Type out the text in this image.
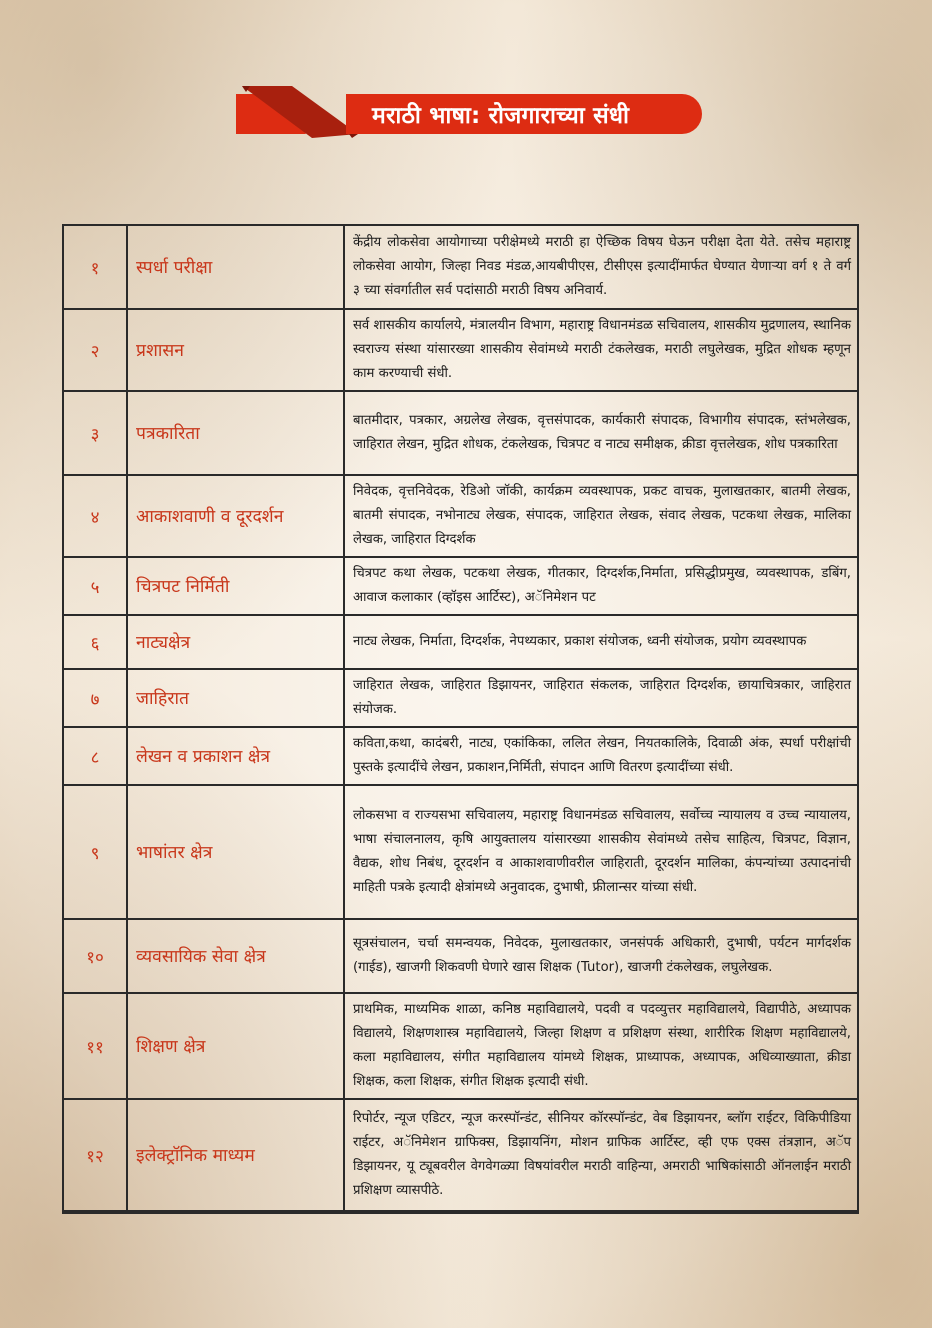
मराठी भाषा: रोजगाराच्या संधी
१	स्पर्धा परीक्षा	केंद्रीय लोकसेवा आयोगाच्या परीक्षेमध्ये मराठी हा ऐच्छिक विषय घेऊन परीक्षा देता येते. तसेच महाराष्ट्र लोकसेवा आयोग, जिल्हा निवड मंडळ,आयबीपीएस, टीसीएस इत्यादींमार्फत घेण्यात येणाऱ्या वर्ग १ ते वर्ग ३ च्या संवर्गातील सर्व पदांसाठी मराठी विषय अनिवार्य.
२	प्रशासन	सर्व शासकीय कार्यालये, मंत्रालयीन विभाग, महाराष्ट्र विधानमंडळ सचिवालय, शासकीय मुद्रणालय, स्थानिक स्वराज्य संस्था यांसारख्या शासकीय सेवांमध्ये मराठी टंकलेखक, मराठी लघुलेखक, मुद्रित शोधक म्हणून काम करण्याची संधी.
३	पत्रकारिता	बातमीदार, पत्रकार, अग्रलेख लेखक, वृत्तसंपादक, कार्यकारी संपादक, विभागीय संपादक, स्तंभलेखक, जाहिरात लेखन, मुद्रित शोधक, टंकलेखक, चित्रपट व नाट्य समीक्षक, क्रीडा वृत्तलेखक, शोध पत्रकारिता
४	आकाशवाणी व दूरदर्शन	निवेदक, वृत्तनिवेदक, रेडिओ जॉकी, कार्यक्रम व्यवस्थापक, प्रकट वाचक, मुलाखतकार, बातमी लेखक, बातमी संपादक, नभोनाट्य लेखक, संपादक, जाहिरात लेखक, संवाद लेखक, पटकथा लेखक, मालिका लेखक, जाहिरात दिग्दर्शक
५	चित्रपट निर्मिती	चित्रपट कथा लेखक, पटकथा लेखक, गीतकार, दिग्दर्शक,निर्माता, प्रसिद्धीप्रमुख, व्यवस्थापक, डबिंग, आवाज कलाकार (व्हॉइस आर्टिस्ट), अॅनिमेशन पट
६	नाट्यक्षेत्र	नाट्य लेखक, निर्माता, दिग्दर्शक, नेपथ्यकार, प्रकाश संयोजक, ध्वनी संयोजक, प्रयोग व्यवस्थापक
७	जाहिरात	जाहिरात लेखक, जाहिरात डिझायनर, जाहिरात संकलक, जाहिरात दिग्दर्शक, छायाचित्रकार, जाहिरात संयोजक.
८	लेखन व प्रकाशन क्षेत्र	कविता,कथा, कादंबरी, नाट्य, एकांकिका, ललित लेखन, नियतकालिके, दिवाळी अंक, स्पर्धा परीक्षांची पुस्तके इत्यादींचे लेखन, प्रकाशन,निर्मिती, संपादन आणि वितरण इत्यादींच्या संधी.
९	भाषांतर क्षेत्र	लोकसभा व राज्यसभा सचिवालय, महाराष्ट्र विधानमंडळ सचिवालय, सर्वोच्च न्यायालय व उच्च न्यायालय, भाषा संचालनालय, कृषि आयुक्तालय यांसारख्या शासकीय सेवांमध्ये तसेच साहित्य, चित्रपट, विज्ञान, वैद्यक, शोध निबंध, दूरदर्शन व आकाशवाणीवरील जाहिराती, दूरदर्शन मालिका, कंपन्यांच्या उत्पादनांची माहिती पत्रके इत्यादी क्षेत्रांमध्ये अनुवादक, दुभाषी, फ्रीलान्सर यांच्या संधी.
१०	व्यवसायिक सेवा क्षेत्र	सूत्रसंचालन, चर्चा समन्वयक, निवेदक, मुलाखतकार, जनसंपर्क अधिकारी, दुभाषी, पर्यटन मार्गदर्शक (गाईड), खाजगी शिकवणी घेणारे खास शिक्षक (Tutor), खाजगी टंकलेखक, लघुलेखक.
११	शिक्षण क्षेत्र	प्राथमिक, माध्यमिक शाळा, कनिष्ठ महाविद्यालये, पदवी व पदव्युत्तर महाविद्यालये, विद्यापीठे, अध्यापक विद्यालये, शिक्षणशास्त्र महाविद्यालये, जिल्हा शिक्षण व प्रशिक्षण संस्था, शारीरिक शिक्षण महाविद्यालये, कला महाविद्यालय, संगीत महाविद्यालय यांमध्ये शिक्षक, प्राध्यापक, अध्यापक, अधिव्याख्याता, क्रीडा शिक्षक, कला शिक्षक, संगीत शिक्षक इत्यादी संधी.
१२	इलेक्ट्रॉनिक माध्यम	रिपोर्टर, न्यूज एडिटर, न्यूज करस्पॉन्डंट, सीनियर कॉरस्पॉन्डंट, वेब डिझायनर, ब्लॉग राईटर, विकिपीडिया राईटर, अॅनिमेशन ग्राफिक्स, डिझायनिंग, मोशन ग्राफिक आर्टिस्ट, व्ही एफ एक्स तंत्रज्ञान, अॅप डिझायनर, यू ट्यूबवरील वेगवेगळ्या विषयांवरील मराठी वाहिन्या, अमराठी भाषिकांसाठी ऑनलाईन मराठी प्रशिक्षण व्यासपीठे.
